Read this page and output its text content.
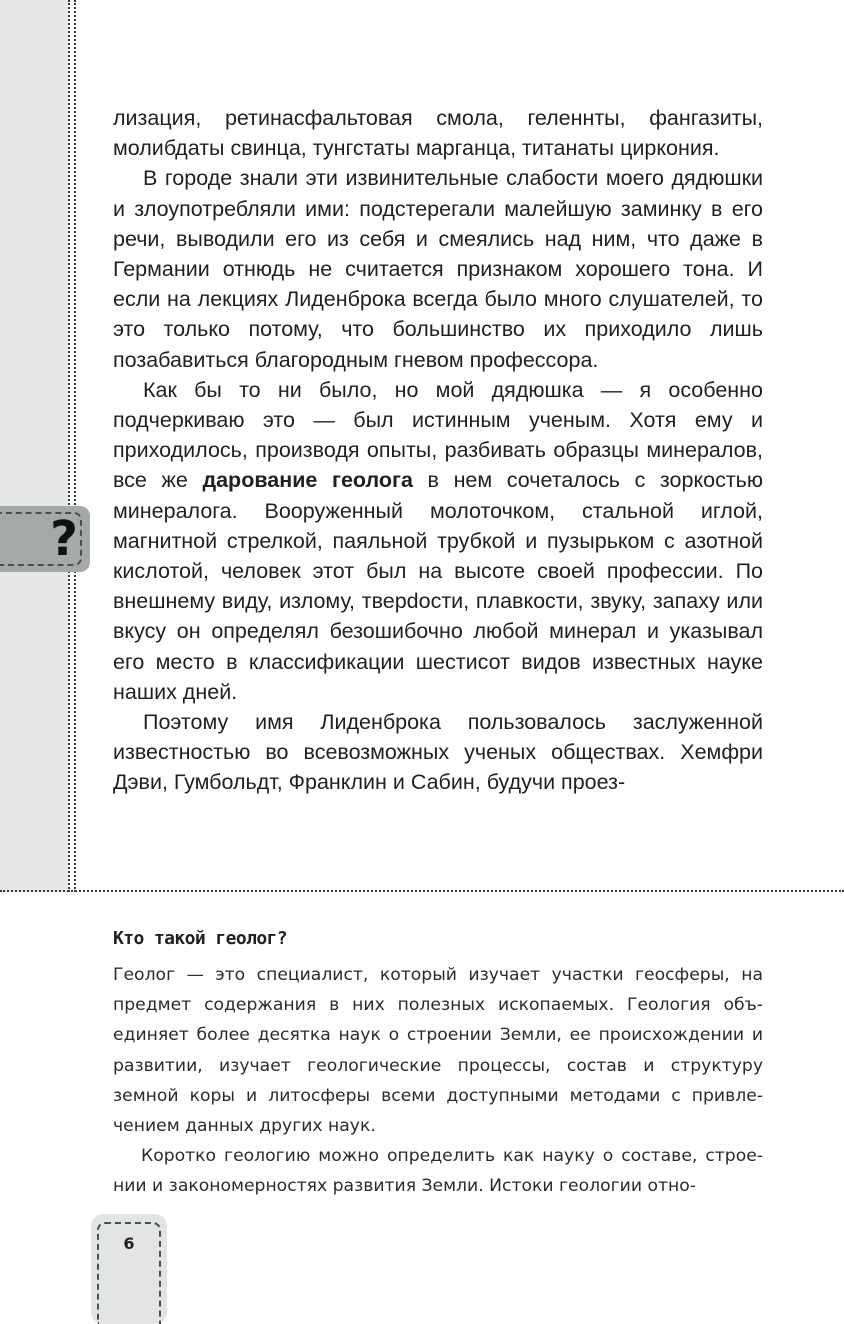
?

лизация, ретинасфальтовая смола, геленнты, фангазиты, молибдаты свинца, тунгстаты марганца, титанаты циркония.

В городе знали эти извинительные слабости моего дядюшки и злоупотребляли ими: подстерегали малейшую заминку в его речи, выводили его из себя и смеялись над ним, что даже в Германии отнюдь не считается признаком хорошего тона. И если на лекциях Лиденброка всегда было много слушателей, то это только потому, что большинство их приходило лишь позабавиться благородным гневом профессора.

Как бы то ни было, но мой дядюшка — я особенно подчеркиваю это — был истинным ученым. Хотя ему и приходилось, производя опыты, разбивать образцы минералов, все же дарование геолога в нем сочеталось с зоркостью минералога. Вооруженный молоточком, стальной иглой, магнитной стрелкой, паяльной трубкой и пузырьком с азотной кислотой, человек этот был на высоте своей профессии. По внешнему виду, излому, тверdости, плавкости, звуку, запаху или вкусу он определял безошибочно любой минерал и указывал его место в классификации шестисот видов известных науке наших дней.

Поэтому имя Лиденброка пользовалось заслуженной известностью во всевозможных ученых обществах. Хемфри Дэви, Гумбольдт, Франклин и Сабин, будучи проез-

Кто такой геолог?

Геолог — это специалист, который изучает участки геосферы, на предмет содержания в них полезных ископаемых. Геология объединяет более десятка наук о строении Земли, ее происхождении и развитии, изучает геологические процессы, состав и структуру земной коры и литосферы всеми доступными методами с привлечением данных других наук.

Коротко геологию можно определить как науку о составе, строении и закономерностях развития Земли. Истоки геологии отно-

6
